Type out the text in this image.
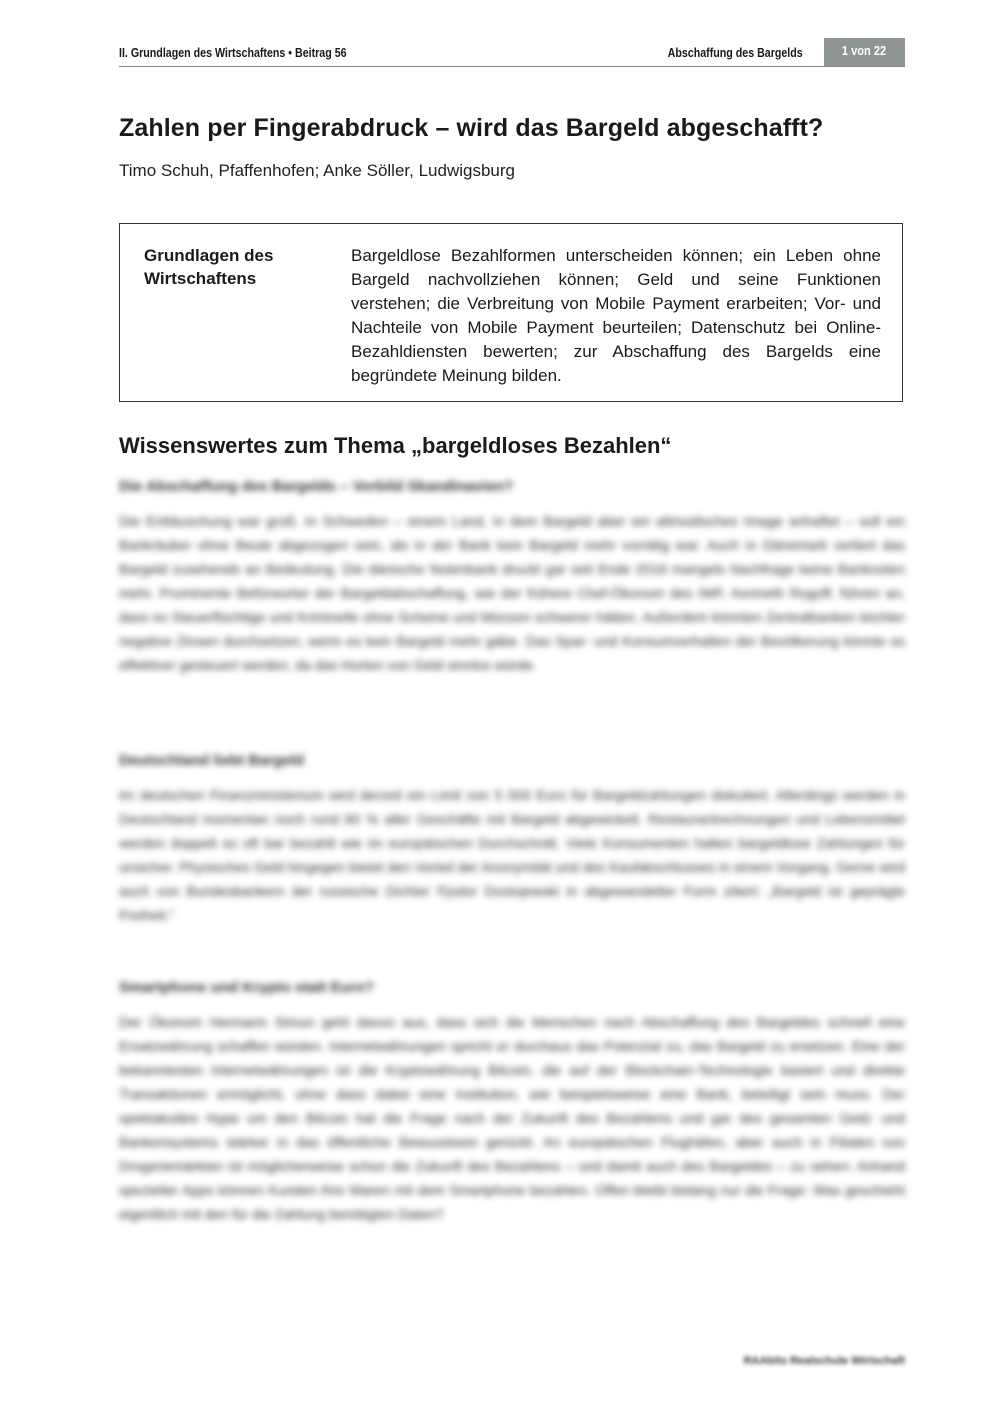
II. Grundlagen des Wirtschaftens • Beitrag 56	Abschaffung des Bargelds	1 von 22
Zahlen per Fingerabdruck – wird das Bargeld abgeschafft?
Timo Schuh, Pfaffenhofen; Anke Söller, Ludwigsburg
Grundlagen des Wirtschaftens
Bargeldlose Bezahlformen unterscheiden können; ein Leben ohne Bargeld nachvollziehen können; Geld und seine Funktionen verstehen; die Verbreitung von Mobile Payment erarbeiten; Vor- und Nachteile von Mobile Payment beurteilen; Datenschutz bei Online-Bezahldiensten bewerten; zur Abschaffung des Bargelds eine begründete Meinung bilden.
Wissenswertes zum Thema „bargeldloses Bezahlen“
Die Abschaffung des Bargelds – Vorbild Skandinavien?
Die Enttäuschung war groß. In Schweden – einem Land, in dem Bargeld aber ein altmodisches Image anhaftet – soll ein Bankräuber ohne Beute abgezogen sein, als in der Bank kein Bargeld mehr vorrätig war. Auch in Dänemark verliert das Bargeld zusehends an Bedeutung. Die dänische Notenbank druckt gar seit Ende 2016 mangels Nachfrage keine Banknoten mehr. Prominente Befürworter der Bargeldabschaffung, wie der frühere Chef-Ökonom des IWF, Kenneth Rogoff, führen an, dass es Steuerflüchtige und Kriminelle ohne Scheine und Münzen schwerer hätten. Außerdem könnten Zentralbanken leichter negative Zinsen durchsetzen, wenn es kein Bargeld mehr gäbe. Das Spar- und Konsumverhalten der Bevölkerung könnte so effektiver gesteuert werden, da das Horten von Geld sinnlos würde.
Deutschland liebt Bargeld
Im deutschen Finanzministerium wird derzeit ein Limit von 5 000 Euro für Bargeldzahlungen diskutiert. Allerdings werden in Deutschland momentan noch rund 80 % aller Geschäfte mit Bargeld abgewickelt. Restaurantrechnungen und Lebensmittel werden doppelt so oft bar bezahlt wie im europäischen Durchschnitt. Viele Konsumenten halten bargeldlose Zahlungen für unsicher. Physisches Geld hingegen bietet den Vorteil der Anonymität und des Kaufabschlusses in einem Vorgang. Gerne wird auch von Bundesbankern der russische Dichter Fjodor Dostojewski in abgewandelter Form zitiert: „Bargeld ist geprägte Freiheit.“
Smartphone und Krypto statt Euro?
Der Ökonom Hermann Simon geht davon aus, dass sich die Menschen nach Abschaffung des Bargeldes schnell eine Ersatzwährung schaffen würden. Internetwährungen spricht er durchaus das Potenzial zu, das Bargeld zu ersetzen. Eine der bekanntesten Internetwährungen ist die Kryptowährung Bitcoin, die auf der Blockchain-Technologie basiert und direkte Transaktionen ermöglicht, ohne dass dabei eine Institution, wie beispielsweise eine Bank, beteiligt sein muss. Der spektakuläre Hype um den Bitcoin hat die Frage nach der Zukunft des Bezahlens und gar des gesamten Geld- und Bankensystems stärker in das öffentliche Bewusstsein gerückt. An europäischen Flughäfen, aber auch in Filialen von Drogeriemärkten ist möglicherweise schon die Zukunft des Bezahlens – und damit auch des Bargeldes – zu sehen: Anhand spezieller Apps können Kunden ihre Waren mit dem Smartphone bezahlen. Offen bleibt bislang nur die Frage: Was geschieht eigentlich mit den für die Zahlung benötigten Daten?
RAAbits Realschule Wirtschaft
